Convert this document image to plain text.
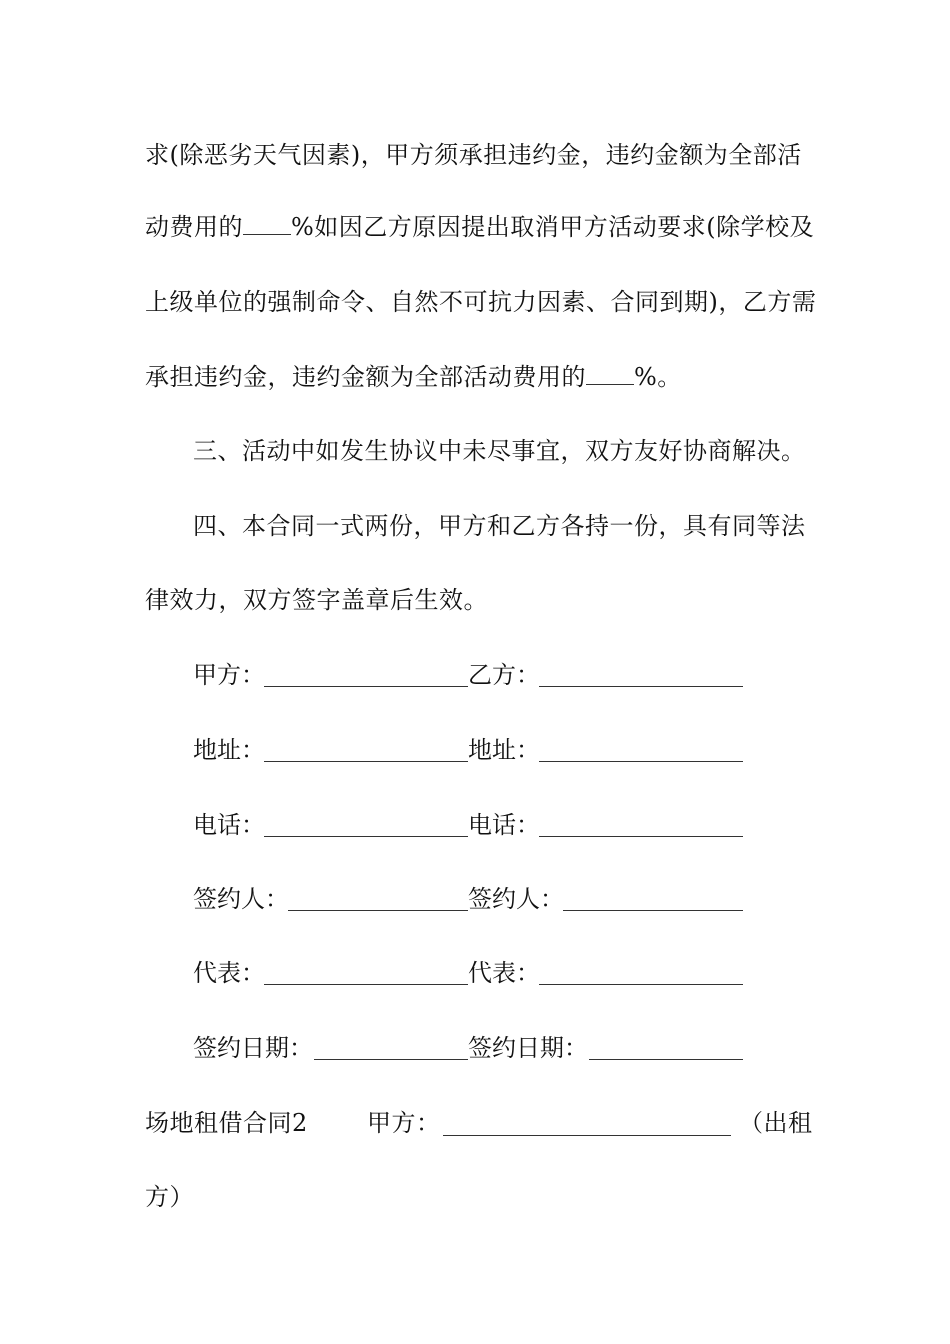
求(除恶劣天气因素)，甲方须承担违约金，违约金额为全部活
动费用的 %如因乙方原因提出取消甲方活动要求(除学校及
上级单位的强制命令、自然不可抗力因素、合同到期)，乙方需
承担违约金，违约金额为全部活动费用的 %。
三、活动中如发生协议中未尽事宜，双方友好协商解决。
四、本合同一式两份，甲方和乙方各持一份，具有同等法
律效力，双方签字盖章后生效。
甲方：	乙方：
地址：	地址：
电话：	电话：
签约人：	签约人：
代表：	代表：
签约日期：	签约日期：
场地租借合同2 甲方：	（出租
方）
